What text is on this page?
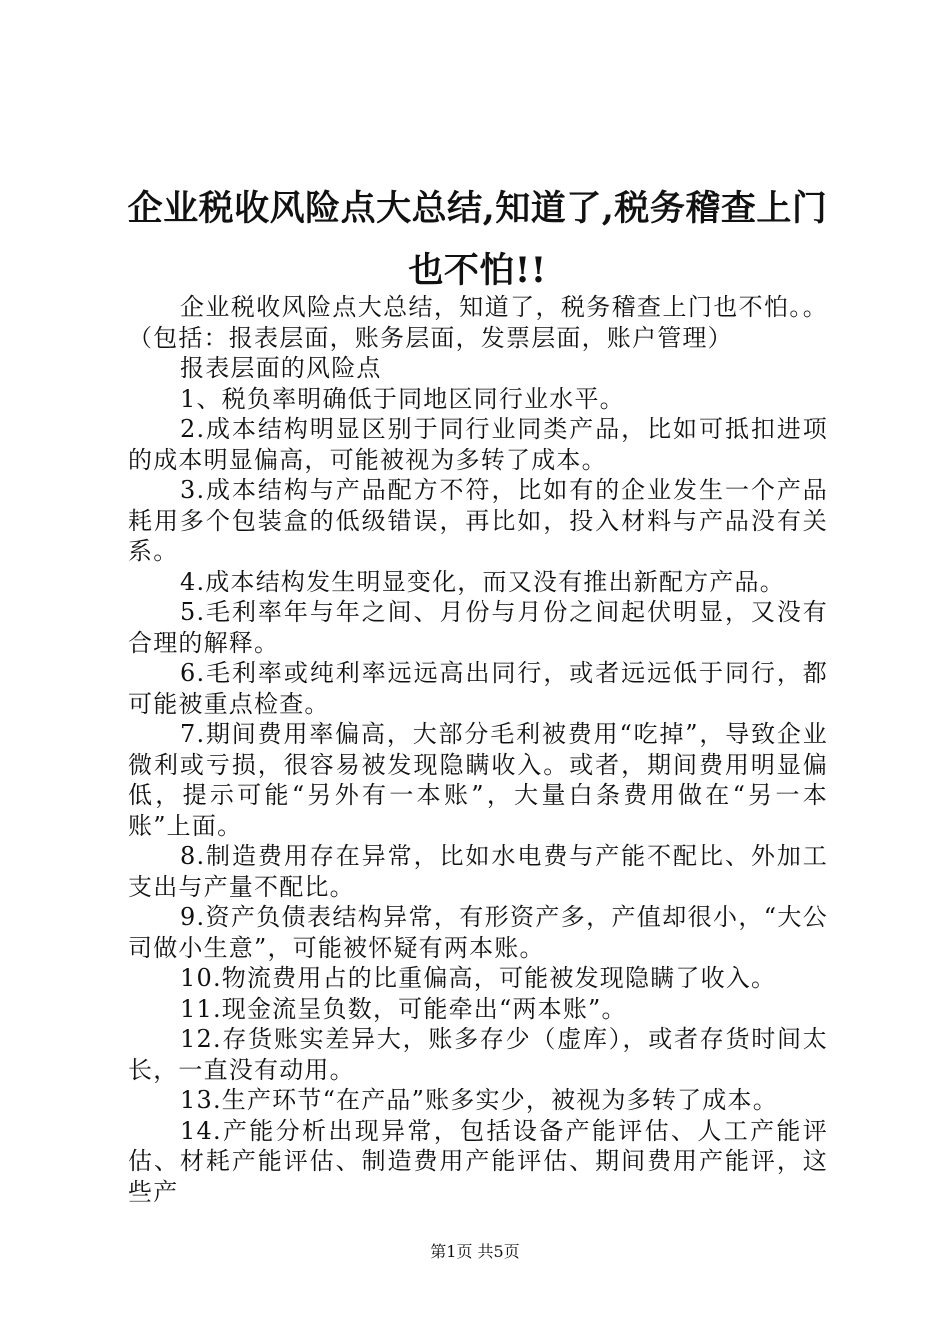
企业税收风险点大总结,知道了,税务稽查上门
也不怕!!

企业税收风险点大总结，知道了，税务稽查上门也不怕。。（包括：报表层面，账务层面，发票层面，账户管理）

报表层面的风险点

1、税负率明确低于同地区同行业水平。

2.成本结构明显区别于同行业同类产品，比如可抵扣进项的成本明显偏高，可能被视为多转了成本。

3.成本结构与产品配方不符，比如有的企业发生一个产品耗用多个包装盒的低级错误，再比如，投入材料与产品没有关系。

4.成本结构发生明显变化，而又没有推出新配方产品。

5.毛利率年与年之间、月份与月份之间起伏明显，又没有合理的解释。

6.毛利率或纯利率远远高出同行，或者远远低于同行，都可能被重点检查。

7.期间费用率偏高，大部分毛利被费用“吃掉”，导致企业微利或亏损，很容易被发现隐瞒收入。或者，期间费用明显偏低，提示可能“另外有一本账”，大量白条费用做在“另一本账”上面。

8.制造费用存在异常，比如水电费与产能不配比、外加工支出与产量不配比。

9.资产负债表结构异常，有形资产多，产值却很小，“大公司做小生意”，可能被怀疑有两本账。

10.物流费用占的比重偏高，可能被发现隐瞒了收入。

11.现金流呈负数，可能牵出“两本账”。

12.存货账实差异大，账多存少（虚库），或者存货时间太长，一直没有动用。

13.生产环节“在产品”账多实少，被视为多转了成本。

14.产能分析出现异常，包括设备产能评估、人工产能评估、材耗产能评估、制造费用产能评估、期间费用产能评，这些产

第1页 共5页
